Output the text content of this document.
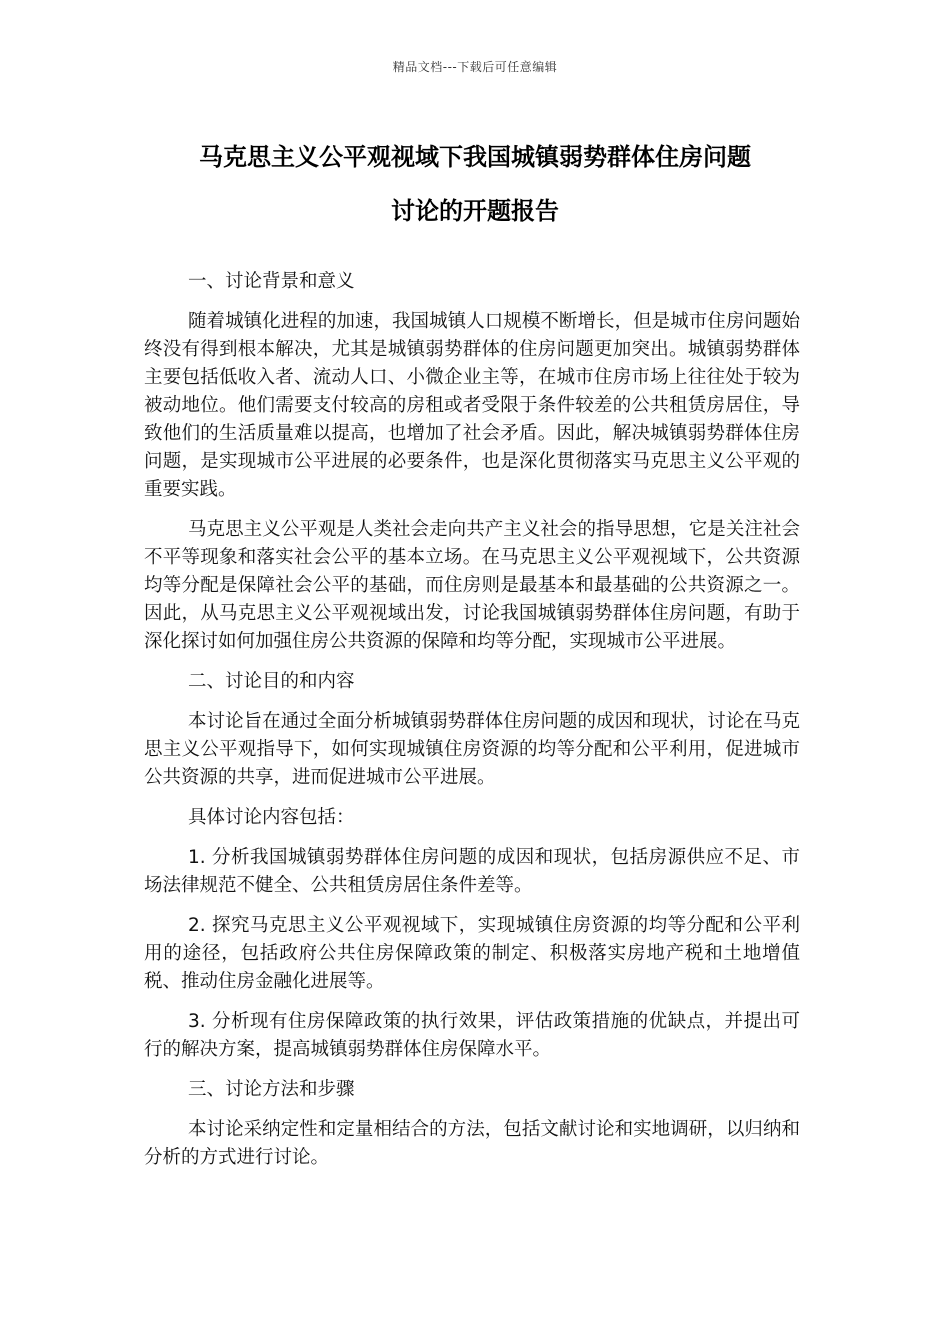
精品文档---下载后可任意编辑
马克思主义公平观视域下我国城镇弱势群体住房问题
讨论的开题报告

一、讨论背景和意义

随着城镇化进程的加速，我国城镇人口规模不断增长，但是城市住房问题始终没有得到根本解决，尤其是城镇弱势群体的住房问题更加突出。城镇弱势群体主要包括低收入者、流动人口、小微企业主等，在城市住房市场上往往处于较为被动地位。他们需要支付较高的房租或者受限于条件较差的公共租赁房居住，导致他们的生活质量难以提高，也增加了社会矛盾。因此，解决城镇弱势群体住房问题，是实现城市公平进展的必要条件，也是深化贯彻落实马克思主义公平观的重要实践。

马克思主义公平观是人类社会走向共产主义社会的指导思想，它是关注社会不平等现象和落实社会公平的基本立场。在马克思主义公平观视域下，公共资源均等分配是保障社会公平的基础，而住房则是最基本和最基础的公共资源之一。因此，从马克思主义公平观视域出发，讨论我国城镇弱势群体住房问题，有助于深化探讨如何加强住房公共资源的保障和均等分配，实现城市公平进展。

二、讨论目的和内容

本讨论旨在通过全面分析城镇弱势群体住房问题的成因和现状，讨论在马克思主义公平观指导下，如何实现城镇住房资源的均等分配和公平利用，促进城市公共资源的共享，进而促进城市公平进展。

具体讨论内容包括：

1. 分析我国城镇弱势群体住房问题的成因和现状，包括房源供应不足、市场法律规范不健全、公共租赁房居住条件差等。

2. 探究马克思主义公平观视域下，实现城镇住房资源的均等分配和公平利用的途径，包括政府公共住房保障政策的制定、积极落实房地产税和土地增值税、推动住房金融化进展等。

3. 分析现有住房保障政策的执行效果，评估政策措施的优缺点，并提出可行的解决方案，提高城镇弱势群体住房保障水平。

三、讨论方法和步骤

本讨论采纳定性和定量相结合的方法，包括文献讨论和实地调研，以归纳和分析的方式进行讨论。
